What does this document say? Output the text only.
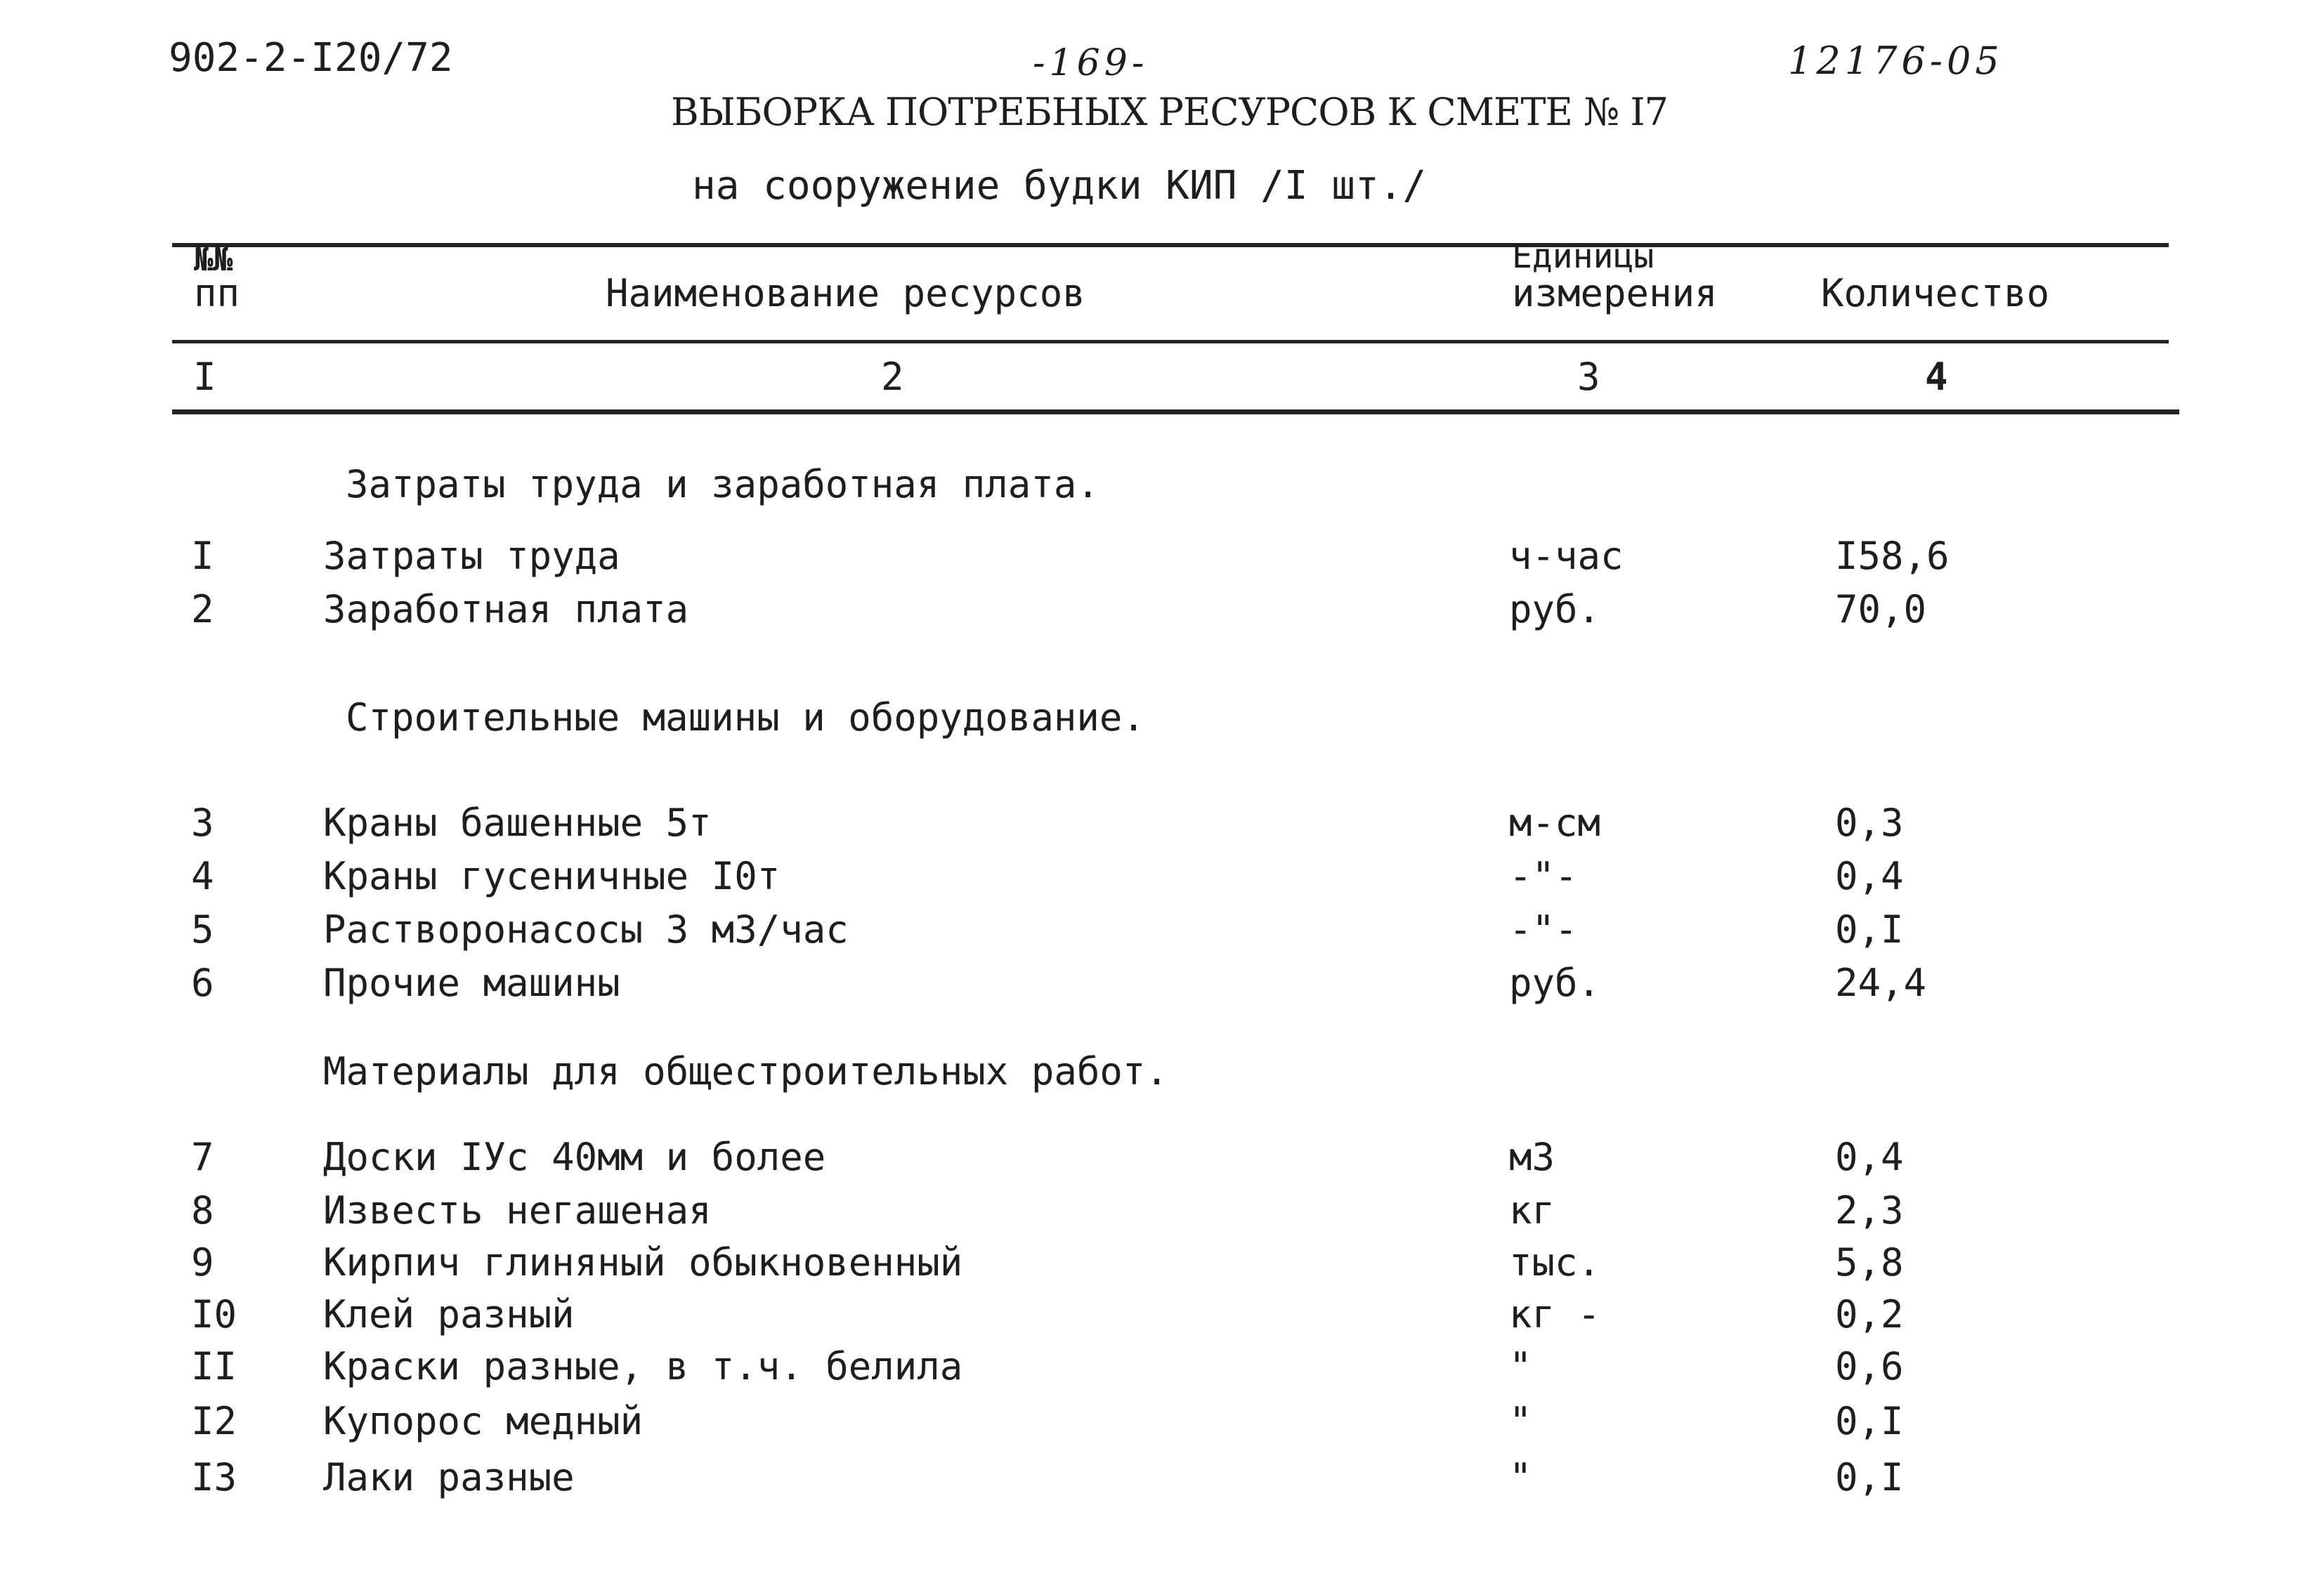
902-2-I20/72	-169-	12176-05
ВЫБОРКА ПОТРЕБНЫХ РЕСУРСОВ К СМЕТЕ № I7
на сооружение будки КИП /I шт./
№№
пп	Наименование ресурсов
Единицы
измерения	Количество
I	2	3	4
Затраты труда и заработная плата.
I	Затраты труда	ч-час	I58,6
2	Заработная плата	руб.	70,0
Строительные машины и оборудование.
3	Краны башенные 5т	м-см	0,3
4	Краны гусеничные I0т	-"-	0,4
5	Растворонасосы 3 м3/час	-"-	0,I
6	Прочие машины	руб.	24,4
Материалы для общестроительных работ.
7	Доски IУс 40мм и более	м3	0,4
8	Известь негашеная	кг	2,3
9	Кирпич глиняный обыкновенный	тыс.	5,8
I0 Клей разный	кг -	0,2
II Краски разные, в т.ч. белила	"	0,6
I2 Купорос медный	"	0,I
I3 Лаки разные	"	0,I
